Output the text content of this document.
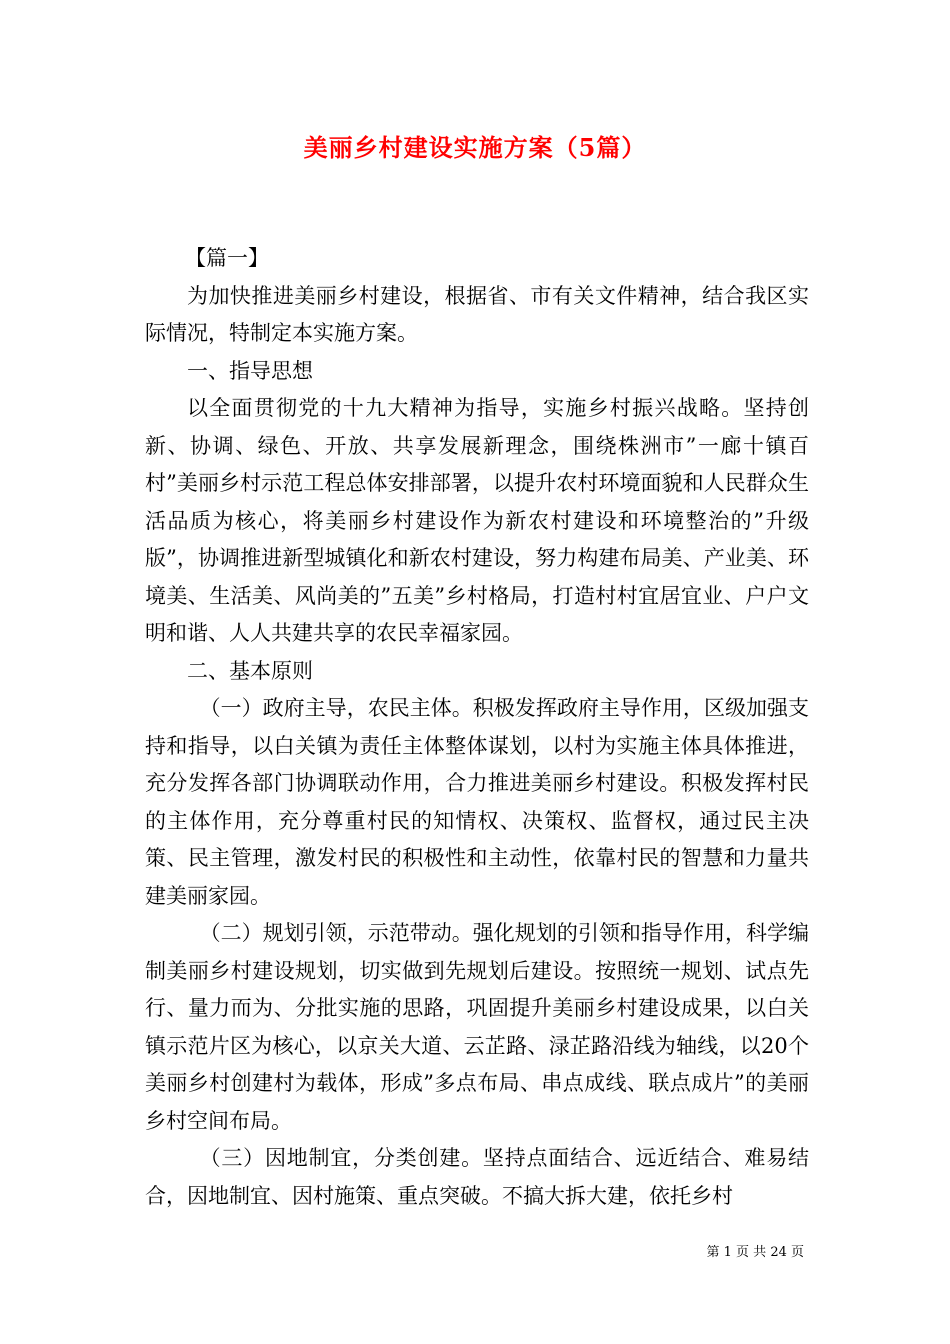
美丽乡村建设实施方案（5篇）

【篇一】

为加快推进美丽乡村建设，根据省、市有关文件精神，结合我区实际情况，特制定本实施方案。

一、指导思想

以全面贯彻党的十九大精神为指导，实施乡村振兴战略。坚持创新、协调、绿色、开放、共享发展新理念，围绕株洲市”一廊十镇百村”美丽乡村示范工程总体安排部署，以提升农村环境面貌和人民群众生活品质为核心，将美丽乡村建设作为新农村建设和环境整治的”升级版”，协调推进新型城镇化和新农村建设，努力构建布局美、产业美、环境美、生活美、风尚美的”五美”乡村格局，打造村村宜居宜业、户户文明和谐、人人共建共享的农民幸福家园。

二、基本原则

（一）政府主导，农民主体。积极发挥政府主导作用，区级加强支持和指导，以白关镇为责任主体整体谋划，以村为实施主体具体推进，充分发挥各部门协调联动作用，合力推进美丽乡村建设。积极发挥村民的主体作用，充分尊重村民的知情权、决策权、监督权，通过民主决策、民主管理，激发村民的积极性和主动性，依靠村民的智慧和力量共建美丽家园。

（二）规划引领，示范带动。强化规划的引领和指导作用，科学编制美丽乡村建设规划，切实做到先规划后建设。按照统一规划、试点先行、量力而为、分批实施的思路，巩固提升美丽乡村建设成果，以白关镇示范片区为核心，以京关大道、云芷路、渌芷路沿线为轴线，以20个美丽乡村创建村为载体，形成”多点布局、串点成线、联点成片”的美丽乡村空间布局。

（三）因地制宜，分类创建。坚持点面结合、远近结合、难易结合，因地制宜、因村施策、重点突破。不搞大拆大建，依托乡村

第 1 页 共 24 页
